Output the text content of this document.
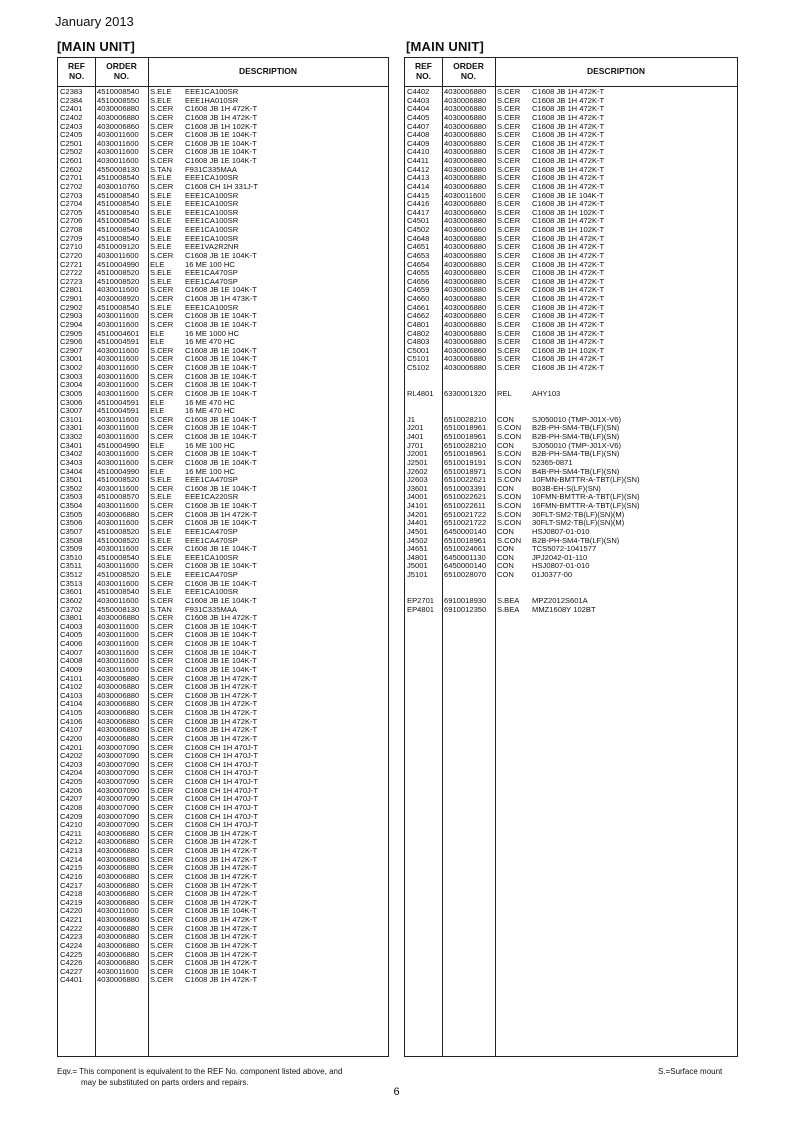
January 2013
[MAIN UNIT]	[MAIN UNIT]
REF
NO.
ORDER
NO.	DESCRIPTION
C2383 4510008540 S.ELE EEE1CA100SR
C2384 4510008550 S.ELE EEE1HA010SR
C2401 4030006880 S.CER C1608 JB 1H 472K-T
C2402 4030006880 S.CER C1608 JB 1H 472K-T
C2403 4030006860 S.CER C1608 JB 1H 102K-T
C2405 4030011600 S.CER C1608 JB 1E 104K-T
C2501 4030011600 S.CER C1608 JB 1E 104K-T
C2502 4030011600 S.CER C1608 JB 1E 104K-T
C2601 4030011600 S.CER C1608 JB 1E 104K-T
C2602 4550008130 S.TAN F931C335MAA
C2701 4510008540 S.ELE EEE1CA100SR
C2702 4030010760 S.CER C1608 CH 1H 331J-T
C2703 4510008540 S.ELE EEE1CA100SR
C2704 4510008540 S.ELE EEE1CA100SR
C2705 4510008540 S.ELE EEE1CA100SR
C2706 4510008540 S.ELE EEE1CA100SR
C2708 4510008540 S.ELE EEE1CA100SR
C2709 4510008540 S.ELE EEE1CA100SR
C2710 4510009120 S.ELE EEE1VA2R2NR
C2720 4030011600 S.CER C1608 JB 1E 104K-T
C2721 4510004990 ELE	16 ME 100 HC
C2722 4510008520 S.ELE EEE1CA470SP
C2723 4510008520 S.ELE EEE1CA470SP
C2801 4030011600 S.CER C1608 JB 1E 104K-T
C2901 4030008920 S.CER C1608 JB 1H 473K-T
C2902 4510008540 S.ELE EEE1CA100SR
C2903 4030011600 S.CER C1608 JB 1E 104K-T
C2904 4030011600 S.CER C1608 JB 1E 104K-T
C2905 4510004601 ELE	16 ME 1000 HC
C2906 4510004591 ELE	16 ME 470 HC
C2907 4030011600 S.CER C1608 JB 1E 104K-T
C3001 4030011600 S.CER C1608 JB 1E 104K-T
C3002 4030011600 S.CER C1608 JB 1E 104K-T
C3003 4030011600 S.CER C1608 JB 1E 104K-T
C3004 4030011600 S.CER C1608 JB 1E 104K-T
C3005 4030011600 S.CER C1608 JB 1E 104K-T
C3006 4510004591 ELE	16 ME 470 HC
C3007 4510004591 ELE	16 ME 470 HC
C3101 4030011600 S.CER C1608 JB 1E 104K-T
C3301 4030011600 S.CER C1608 JB 1E 104K-T
C3302 4030011600 S.CER C1608 JB 1E 104K-T
C3401 4510004990 ELE	16 ME 100 HC
C3402 4030011600 S.CER C1608 JB 1E 104K-T
C3403 4030011600 S.CER C1608 JB 1E 104K-T
C3404 4510004990 ELE	16 ME 100 HC
C3501 4510008520 S.ELE EEE1CA470SP
C3502 4030011600 S.CER C1608 JB 1E 104K-T
C3503 4510008570 S.ELE EEE1CA220SR
C3504 4030011600 S.CER C1608 JB 1E 104K-T
C3505 4030006880 S.CER C1608 JB 1H 472K-T
C3506 4030011600 S.CER C1608 JB 1E 104K-T
C3507 4510008520 S.ELE EEE1CA470SP
C3508 4510008520 S.ELE EEE1CA470SP
C3509 4030011600 S.CER C1608 JB 1E 104K-T
C3510 4510008540 S.ELE EEE1CA100SR
C3511 4030011600 S.CER C1608 JB 1E 104K-T
C3512 4510008520 S.ELE EEE1CA470SP
C3513 4030011600 S.CER C1608 JB 1E 104K-T
C3601 4510008540 S.ELE EEE1CA100SR
C3602 4030011600 S.CER C1608 JB 1E 104K-T
C3702 4550008130 S.TAN F931C335MAA
C3801 4030006880 S.CER C1608 JB 1H 472K-T
C4003 4030011600 S.CER C1608 JB 1E 104K-T
C4005 4030011600 S.CER C1608 JB 1E 104K-T
C4006 4030011600 S.CER C1608 JB 1E 104K-T
C4007 4030011600 S.CER C1608 JB 1E 104K-T
C4008 4030011600 S.CER C1608 JB 1E 104K-T
C4009 4030011600 S.CER C1608 JB 1E 104K-T
C4101 4030006880 S.CER C1608 JB 1H 472K-T
C4102 4030006880 S.CER C1608 JB 1H 472K-T
C4103 4030006880 S.CER C1608 JB 1H 472K-T
C4104 4030006880 S.CER C1608 JB 1H 472K-T
C4105 4030006880 S.CER C1608 JB 1H 472K-T
C4106 4030006880 S.CER C1608 JB 1H 472K-T
C4107 4030006880 S.CER C1608 JB 1H 472K-T
C4200 4030006880 S.CER C1608 JB 1H 472K-T
C4201 4030007090 S.CER C1608 CH 1H 470J-T
C4202 4030007090 S.CER C1608 CH 1H 470J-T
C4203 4030007090 S.CER C1608 CH 1H 470J-T
C4204 4030007090 S.CER C1608 CH 1H 470J-T
C4205 4030007090 S.CER C1608 CH 1H 470J-T
C4206 4030007090 S.CER C1608 CH 1H 470J-T
C4207 4030007090 S.CER C1608 CH 1H 470J-T
C4208 4030007090 S.CER C1608 CH 1H 470J-T
C4209 4030007090 S.CER C1608 CH 1H 470J-T
C4210 4030007090 S.CER C1608 CH 1H 470J-T
C4211 4030006880 S.CER C1608 JB 1H 472K-T
C4212 4030006880 S.CER C1608 JB 1H 472K-T
C4213 4030006880 S.CER C1608 JB 1H 472K-T
C4214 4030006880 S.CER C1608 JB 1H 472K-T
C4215 4030006880 S.CER C1608 JB 1H 472K-T
C4216 4030006880 S.CER C1608 JB 1H 472K-T
C4217 4030006880 S.CER C1608 JB 1H 472K-T
C4218 4030006880 S.CER C1608 JB 1H 472K-T
C4219 4030006880 S.CER C1608 JB 1H 472K-T
C4220 4030011600 S.CER C1608 JB 1E 104K-T
C4221 4030006880 S.CER C1608 JB 1H 472K-T
C4222 4030006880 S.CER C1608 JB 1H 472K-T
C4223 4030006880 S.CER C1608 JB 1H 472K-T
C4224 4030006880 S.CER C1608 JB 1H 472K-T
C4225 4030006880 S.CER C1608 JB 1H 472K-T
C4226 4030006880 S.CER C1608 JB 1H 472K-T
C4227 4030011600 S.CER C1608 JB 1E 104K-T
C4401 4030006880 S.CER C1608 JB 1H 472K-T
REF
NO.
ORDER
NO.	DESCRIPTION
C4402 4030006880 S.CER C1608 JB 1H 472K-T
C4403 4030006880 S.CER C1608 JB 1H 472K-T
C4404 4030006880 S.CER C1608 JB 1H 472K-T
C4405 4030006880 S.CER C1608 JB 1H 472K-T
C4407 4030006880 S.CER C1608 JB 1H 472K-T
C4408 4030006880 S.CER C1608 JB 1H 472K-T
C4409 4030006880 S.CER C1608 JB 1H 472K-T
C4410 4030006880 S.CER C1608 JB 1H 472K-T
C4411 4030006880 S.CER C1608 JB 1H 472K-T
C4412 4030006880 S.CER C1608 JB 1H 472K-T
C4413 4030006880 S.CER C1608 JB 1H 472K-T
C4414 4030006880 S.CER C1608 JB 1H 472K-T
C4415 4030011600 S.CER C1608 JB 1E 104K-T
C4416 4030006880 S.CER C1608 JB 1H 472K-T
C4417 4030006860 S.CER C1608 JB 1H 102K-T
C4501 4030006880 S.CER C1608 JB 1H 472K-T
C4502 4030006860 S.CER C1608 JB 1H 102K-T
C4648 4030006880 S.CER C1608 JB 1H 472K-T
C4651 4030006880 S.CER C1608 JB 1H 472K-T
C4653 4030006880 S.CER C1608 JB 1H 472K-T
C4654 4030006880 S.CER C1608 JB 1H 472K-T
C4655 4030006880 S.CER C1608 JB 1H 472K-T
C4656 4030006880 S.CER C1608 JB 1H 472K-T
C4659 4030006880 S.CER C1608 JB 1H 472K-T
C4660 4030006880 S.CER C1608 JB 1H 472K-T
C4661 4030006880 S.CER C1608 JB 1H 472K-T
C4662 4030006880 S.CER C1608 JB 1H 472K-T
C4801 4030006880 S.CER C1608 JB 1H 472K-T
C4802 4030006880 S.CER C1608 JB 1H 472K-T
C4803 4030006880 S.CER C1608 JB 1H 472K-T
C5001 4030006860 S.CER C1608 JB 1H 102K-T
C5101 4030006880 S.CER C1608 JB 1H 472K-T
C5102 4030006880 S.CER C1608 JB 1H 472K-T
RL4801 6330001320 REL	AHY103
J1	6510028210 CON SJ050010 (TMP-J01X-V6)
J201	6510018961 S.CON B2B-PH-SM4-TB(LF)(SN)
J401	6510018961 S.CON B2B-PH-SM4-TB(LF)(SN)
J701	6510028210 CON SJ050010 (TMP-J01X-V6)
J2001 6510018961 S.CON B2B-PH-SM4-TB(LF)(SN)
J2501 6510019191 S.CON 52365-0871
J2602 6510018971 S.CON B4B-PH-SM4-TB(LF)(SN)
J2603 6510022621 S.CON 10FMN-BMTTR-A-TBT(LF)(SN)
J3601 6510003391 CON B03B-EH-S(LF)(SN)
J4001 6510022621 S.CON 10FMN-BMTTR-A-TBT(LF)(SN)
J4101 6510022611 S.CON 16FMN-BMTTR-A-TBT(LF)(SN)
J4201 6510021722 S.CON 30FLT-SM2-TB(LF)(SN)(M)
J4401 6510021722 S.CON 30FLT-SM2-TB(LF)(SN)(M)
J4501 6450000140 CON HSJ0807-01-010
J4502 6510018961 S.CON B2B-PH-SM4-TB(LF)(SN)
J4651 6510024661 CON TCS5072-1041577
J4801 6450001130 CON JPJ2042-01-110
J5001 6450000140 CON HSJ0807-01-010
J5101 6510028070 CON 01J0377-00
EP2701 6910018930 S.BEA MPZ2012S601A
EP4801 6910012350 S.BEA MMZ1608Y 102BT
Eqv.= This component is equivalent to the REF No. component listed above, and
may be substituted on parts orders and repairs.
S.=Surface mount
6
